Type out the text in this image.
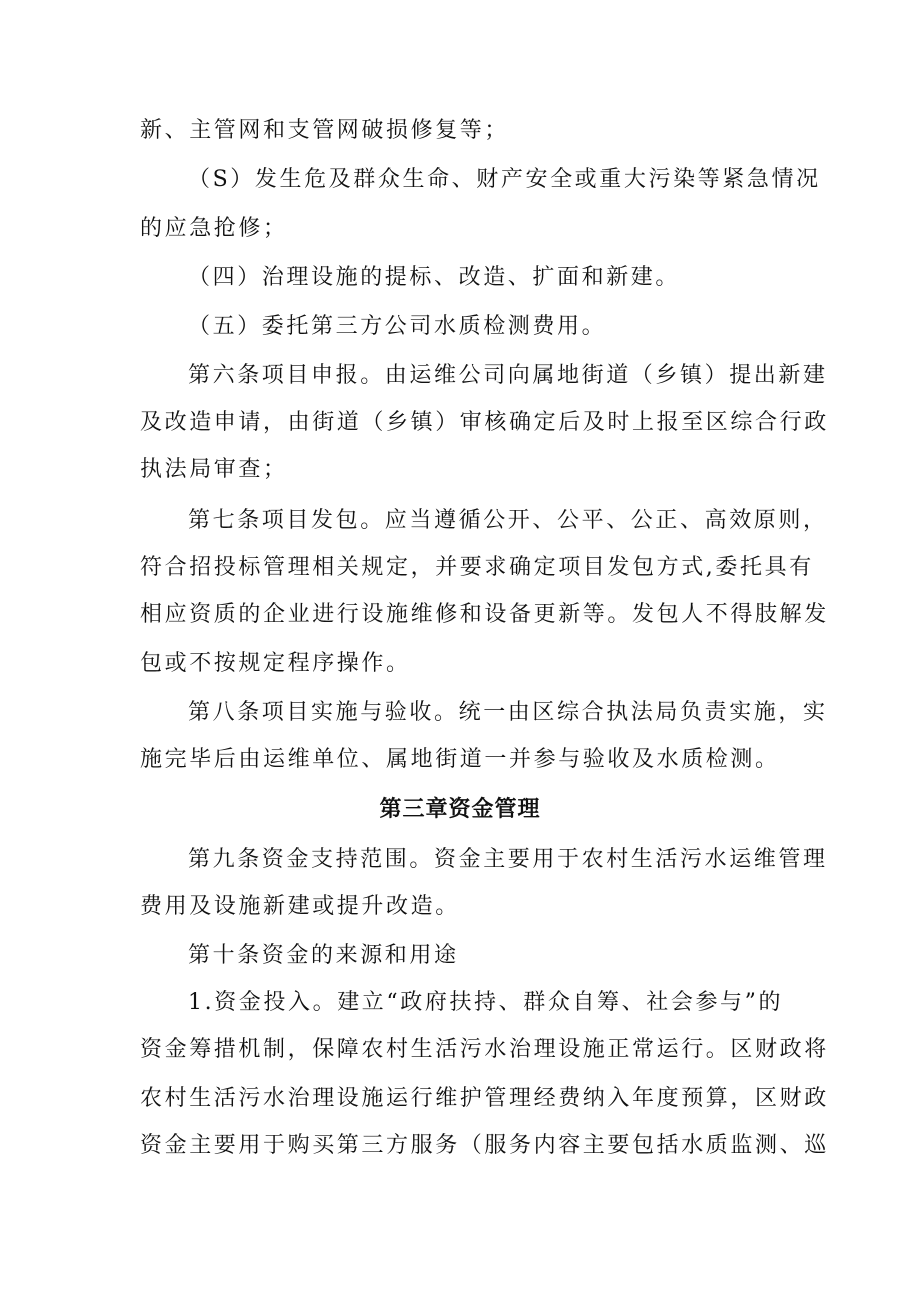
新、主管网和支管网破损修复等；
（S）发生危及群众生命、财产安全或重大污染等紧急情况
的应急抢修；
（四）治理设施的提标、改造、扩面和新建。
（五）委托第三方公司水质检测费用。
第六条项目申报。由运维公司向属地街道（乡镇）提出新建
及改造申请，由街道（乡镇）审核确定后及时上报至区综合行政
执法局审查；
第七条项目发包。应当遵循公开、公平、公正、高效原则，
符合招投标管理相关规定，并要求确定项目发包方式,委托具有
相应资质的企业进行设施维修和设备更新等。发包人不得肢解发
包或不按规定程序操作。
第八条项目实施与验收。统一由区综合执法局负责实施，实
施完毕后由运维单位、属地街道一并参与验收及水质检测。
第三章资金管理
第九条资金支持范围。资金主要用于农村生活污水运维管理
费用及设施新建或提升改造。
第十条资金的来源和用途
1.资金投入。建立“政府扶持、群众自筹、社会参与”的
资金筹措机制，保障农村生活污水治理设施正常运行。区财政将
农村生活污水治理设施运行维护管理经费纳入年度预算，区财政
资金主要用于购买第三方服务（服务内容主要包括水质监测、巡
